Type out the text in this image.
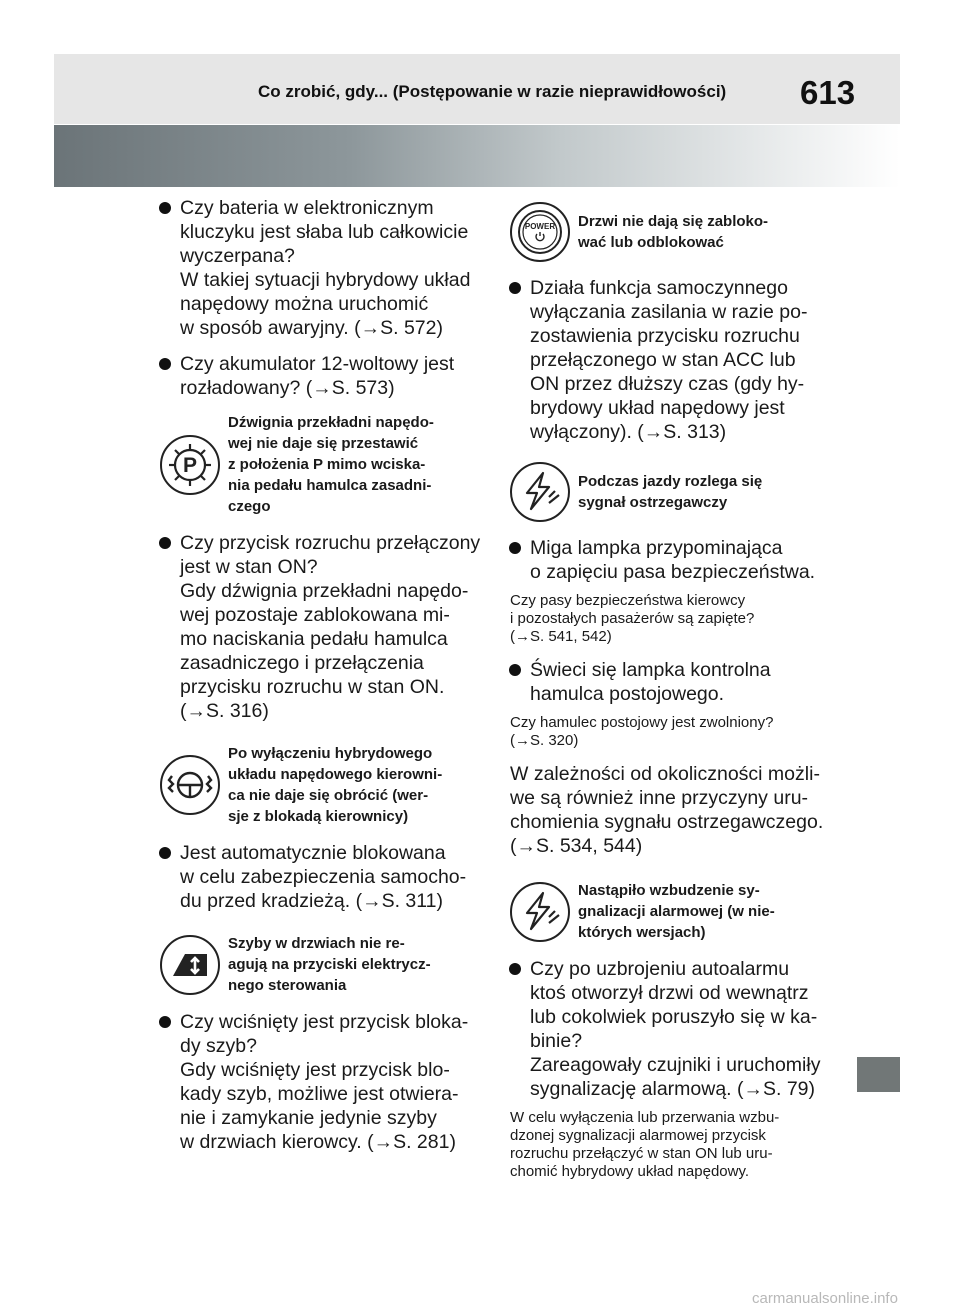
Co zrobić, gdy... (Postępowanie w razie nieprawidłowości) 613
Czy bateria w elektronicznym
kluczyku jest słaba lub całkowicie
wyczerpana?
W takiej sytuacji hybrydowy układ
napędowy można uruchomić
w sposób awaryjny. (→S. 572)
Czy akumulator 12-woltowy jest
rozładowany? (→S. 573)
P
Dźwignia przekładni napędo-
wej nie daje się przestawić
z położenia P mimo wciska-
nia pedału hamulca zasadni-
czego
Czy przycisk rozruchu przełączony
jest w stan ON?
Gdy dźwignia przekładni napędo-
wej pozostaje zablokowana mi-
mo naciskania pedału hamulca
zasadniczego i przełączenia
przycisku rozruchu w stan ON.
(→S. 316)
Po wyłączeniu hybrydowego
układu napędowego kierowni-
ca nie daje się obrócić (wer-
sje z blokadą kierownicy)
Jest automatycznie blokowana
w celu zabezpieczenia samocho-
du przed kradzieżą. (→S. 311)
Szyby w drzwiach nie re-
agują na przyciski elektrycz-
nego sterowania
Czy wciśnięty jest przycisk bloka-
dy szyb?
Gdy wciśnięty jest przycisk blo-
kady szyb, możliwe jest otwiera-
nie i zamykanie jedynie szyby
w drzwiach kierowcy. (→S. 281)
POWER Drzwi nie dają się zabloko-
wać lub odblokować
Działa funkcja samoczynnego
wyłączania zasilania w razie po-
zostawienia przycisku rozruchu
przełączonego w stan ACC lub
ON przez dłuższy czas (gdy hy-
brydowy układ napędowy jest
wyłączony). (→S. 313)
Podczas jazdy rozlega się
sygnał ostrzegawczy
Miga lampka przypominająca
o zapięciu pasa bezpieczeństwa.
Czy pasy bezpieczeństwa kierowcy
i pozostałych pasażerów są zapięte?
(→S. 541, 542)
Świeci się lampka kontrolna
hamulca postojowego.
Czy hamulec postojowy jest zwolniony?
(→S. 320)
W zależności od okoliczności możli-
we są również inne przyczyny uru-
chomienia sygnału ostrzegawczego.
(→S. 534, 544)
Nastąpiło wzbudzenie sy-
gnalizacji alarmowej (w nie-
których wersjach)
Czy po uzbrojeniu autoalarmu
ktoś otworzył drzwi od wewnątrz
lub cokolwiek poruszyło się w ka-
binie?
Zareagowały czujniki i uruchomiły
sygnalizację alarmową. (→S. 79)
W celu wyłączenia lub przerwania wzbu-
dzonej sygnalizacji alarmowej przycisk
rozruchu przełączyć w stan ON lub uru-
chomić hybrydowy układ napędowy.
carmanualsonline.info
